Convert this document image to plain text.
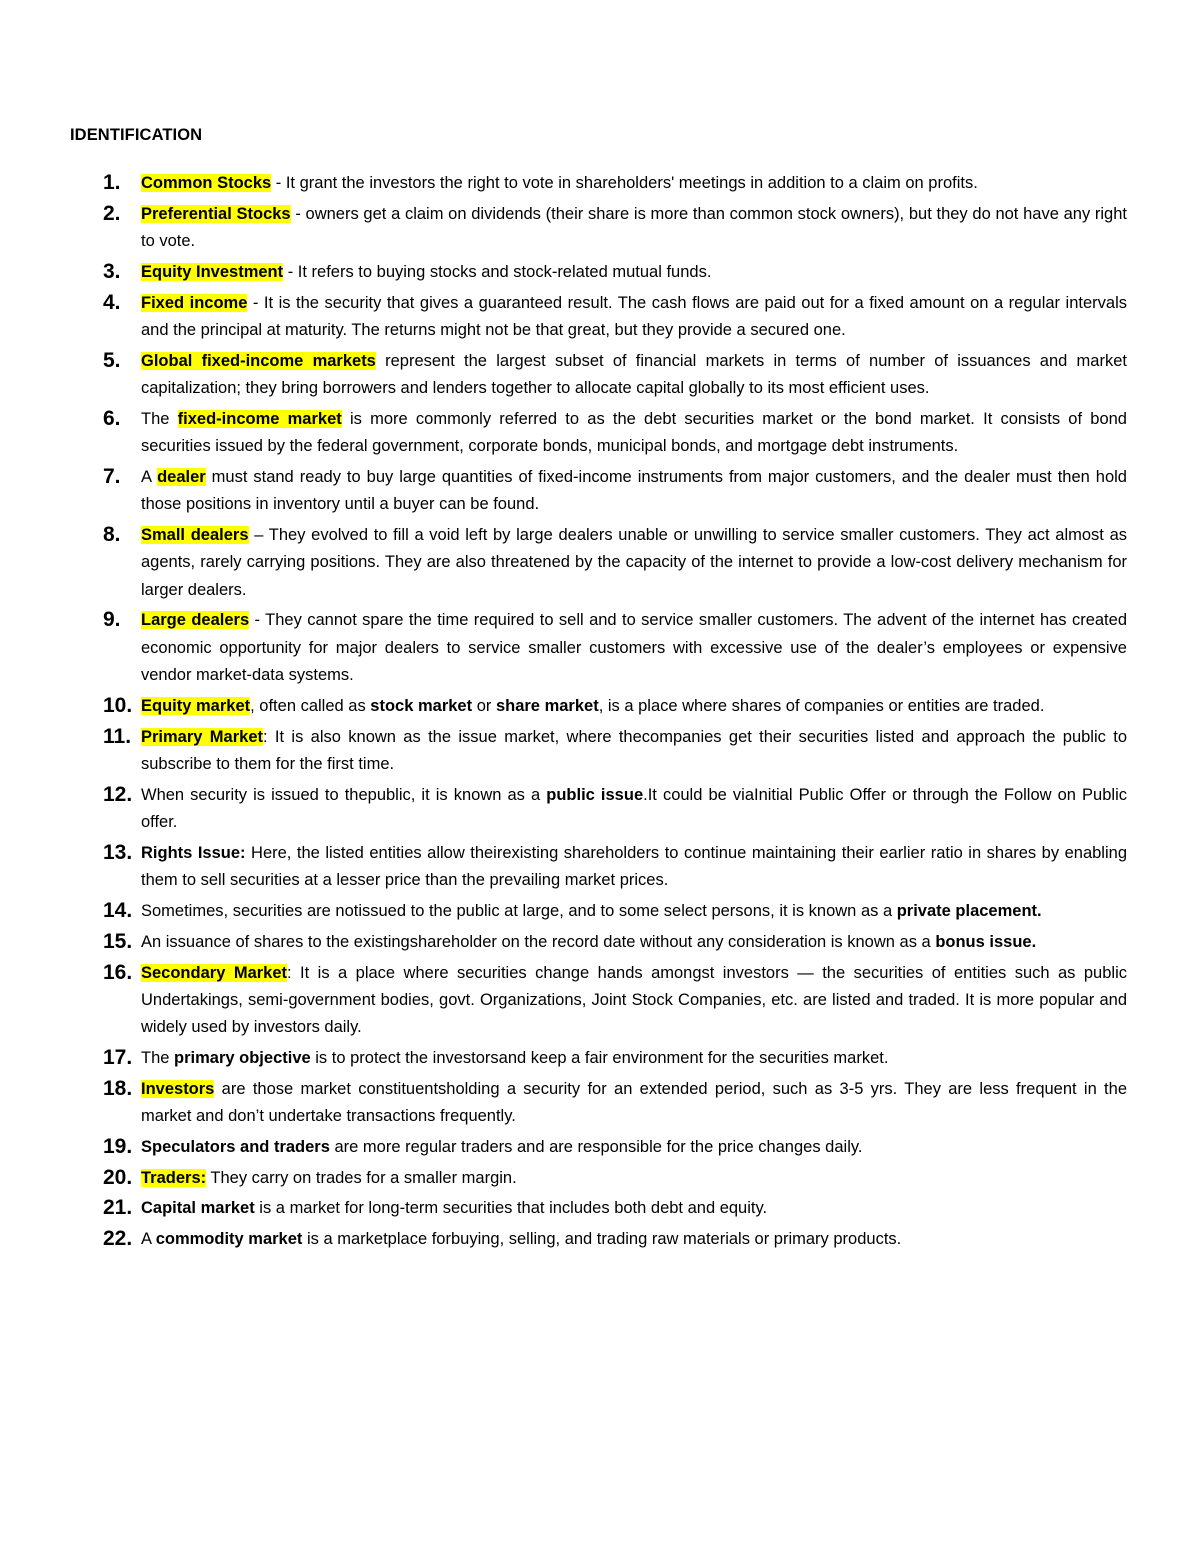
IDENTIFICATION
1. Common Stocks - It grant the investors the right to vote in shareholders' meetings in addition to a claim on profits.
2. Preferential Stocks - owners get a claim on dividends (their share is more than common stock owners), but they do not have any right to vote.
3. Equity Investment - It refers to buying stocks and stock-related mutual funds.
4. Fixed income - It is the security that gives a guaranteed result. The cash flows are paid out for a fixed amount on a regular intervals and the principal at maturity. The returns might not be that great, but they provide a secured one.
5. Global fixed-income markets represent the largest subset of financial markets in terms of number of issuances and market capitalization; they bring borrowers and lenders together to allocate capital globally to its most efficient uses.
6. The fixed-income market is more commonly referred to as the debt securities market or the bond market. It consists of bond securities issued by the federal government, corporate bonds, municipal bonds, and mortgage debt instruments.
7. A dealer must stand ready to buy large quantities of fixed-income instruments from major customers, and the dealer must then hold those positions in inventory until a buyer can be found.
8. Small dealers – They evolved to fill a void left by large dealers unable or unwilling to service smaller customers. They act almost as agents, rarely carrying positions. They are also threatened by the capacity of the internet to provide a low-cost delivery mechanism for larger dealers.
9. Large dealers - They cannot spare the time required to sell and to service smaller customers. The advent of the internet has created economic opportunity for major dealers to service smaller customers with excessive use of the dealer’s employees or expensive vendor market-data systems.
10. Equity market, often called as stock market or share market, is a place where shares of companies or entities are traded.
11. Primary Market: It is also known as the issue market, where thecompanies get their securities listed and approach the public to subscribe to them for the first time.
12. When security is issued to thepublic, it is known as a public issue.It could be viaInitial Public Offer or through the Follow on Public offer.
13. Rights Issue: Here, the listed entities allow theirexisting shareholders to continue maintaining their earlier ratio in shares by enabling them to sell securities at a lesser price than the prevailing market prices.
14. Sometimes, securities are notissued to the public at large, and to some select persons, it is known as a private placement.
15. An issuance of shares to the existingshareholder on the record date without any consideration is known as a bonus issue.
16. Secondary Market: It is a place where securities change hands amongst investors — the securities of entities such as public Undertakings, semi-government bodies, govt. Organizations, Joint Stock Companies, etc. are listed and traded. It is more popular and widely used by investors daily.
17. The primary objective is to protect the investorsand keep a fair environment for the securities market.
18. Investors are those market constituentsholding a security for an extended period, such as 3-5 yrs. They are less frequent in the market and don’t undertake transactions frequently.
19. Speculators and traders are more regular traders and are responsible for the price changes daily.
20. Traders: They carry on trades for a smaller margin.
21. Capital market is a market for long-term securities that includes both debt and equity.
22. A commodity market is a marketplace forbuying, selling, and trading raw materials or primary products.
